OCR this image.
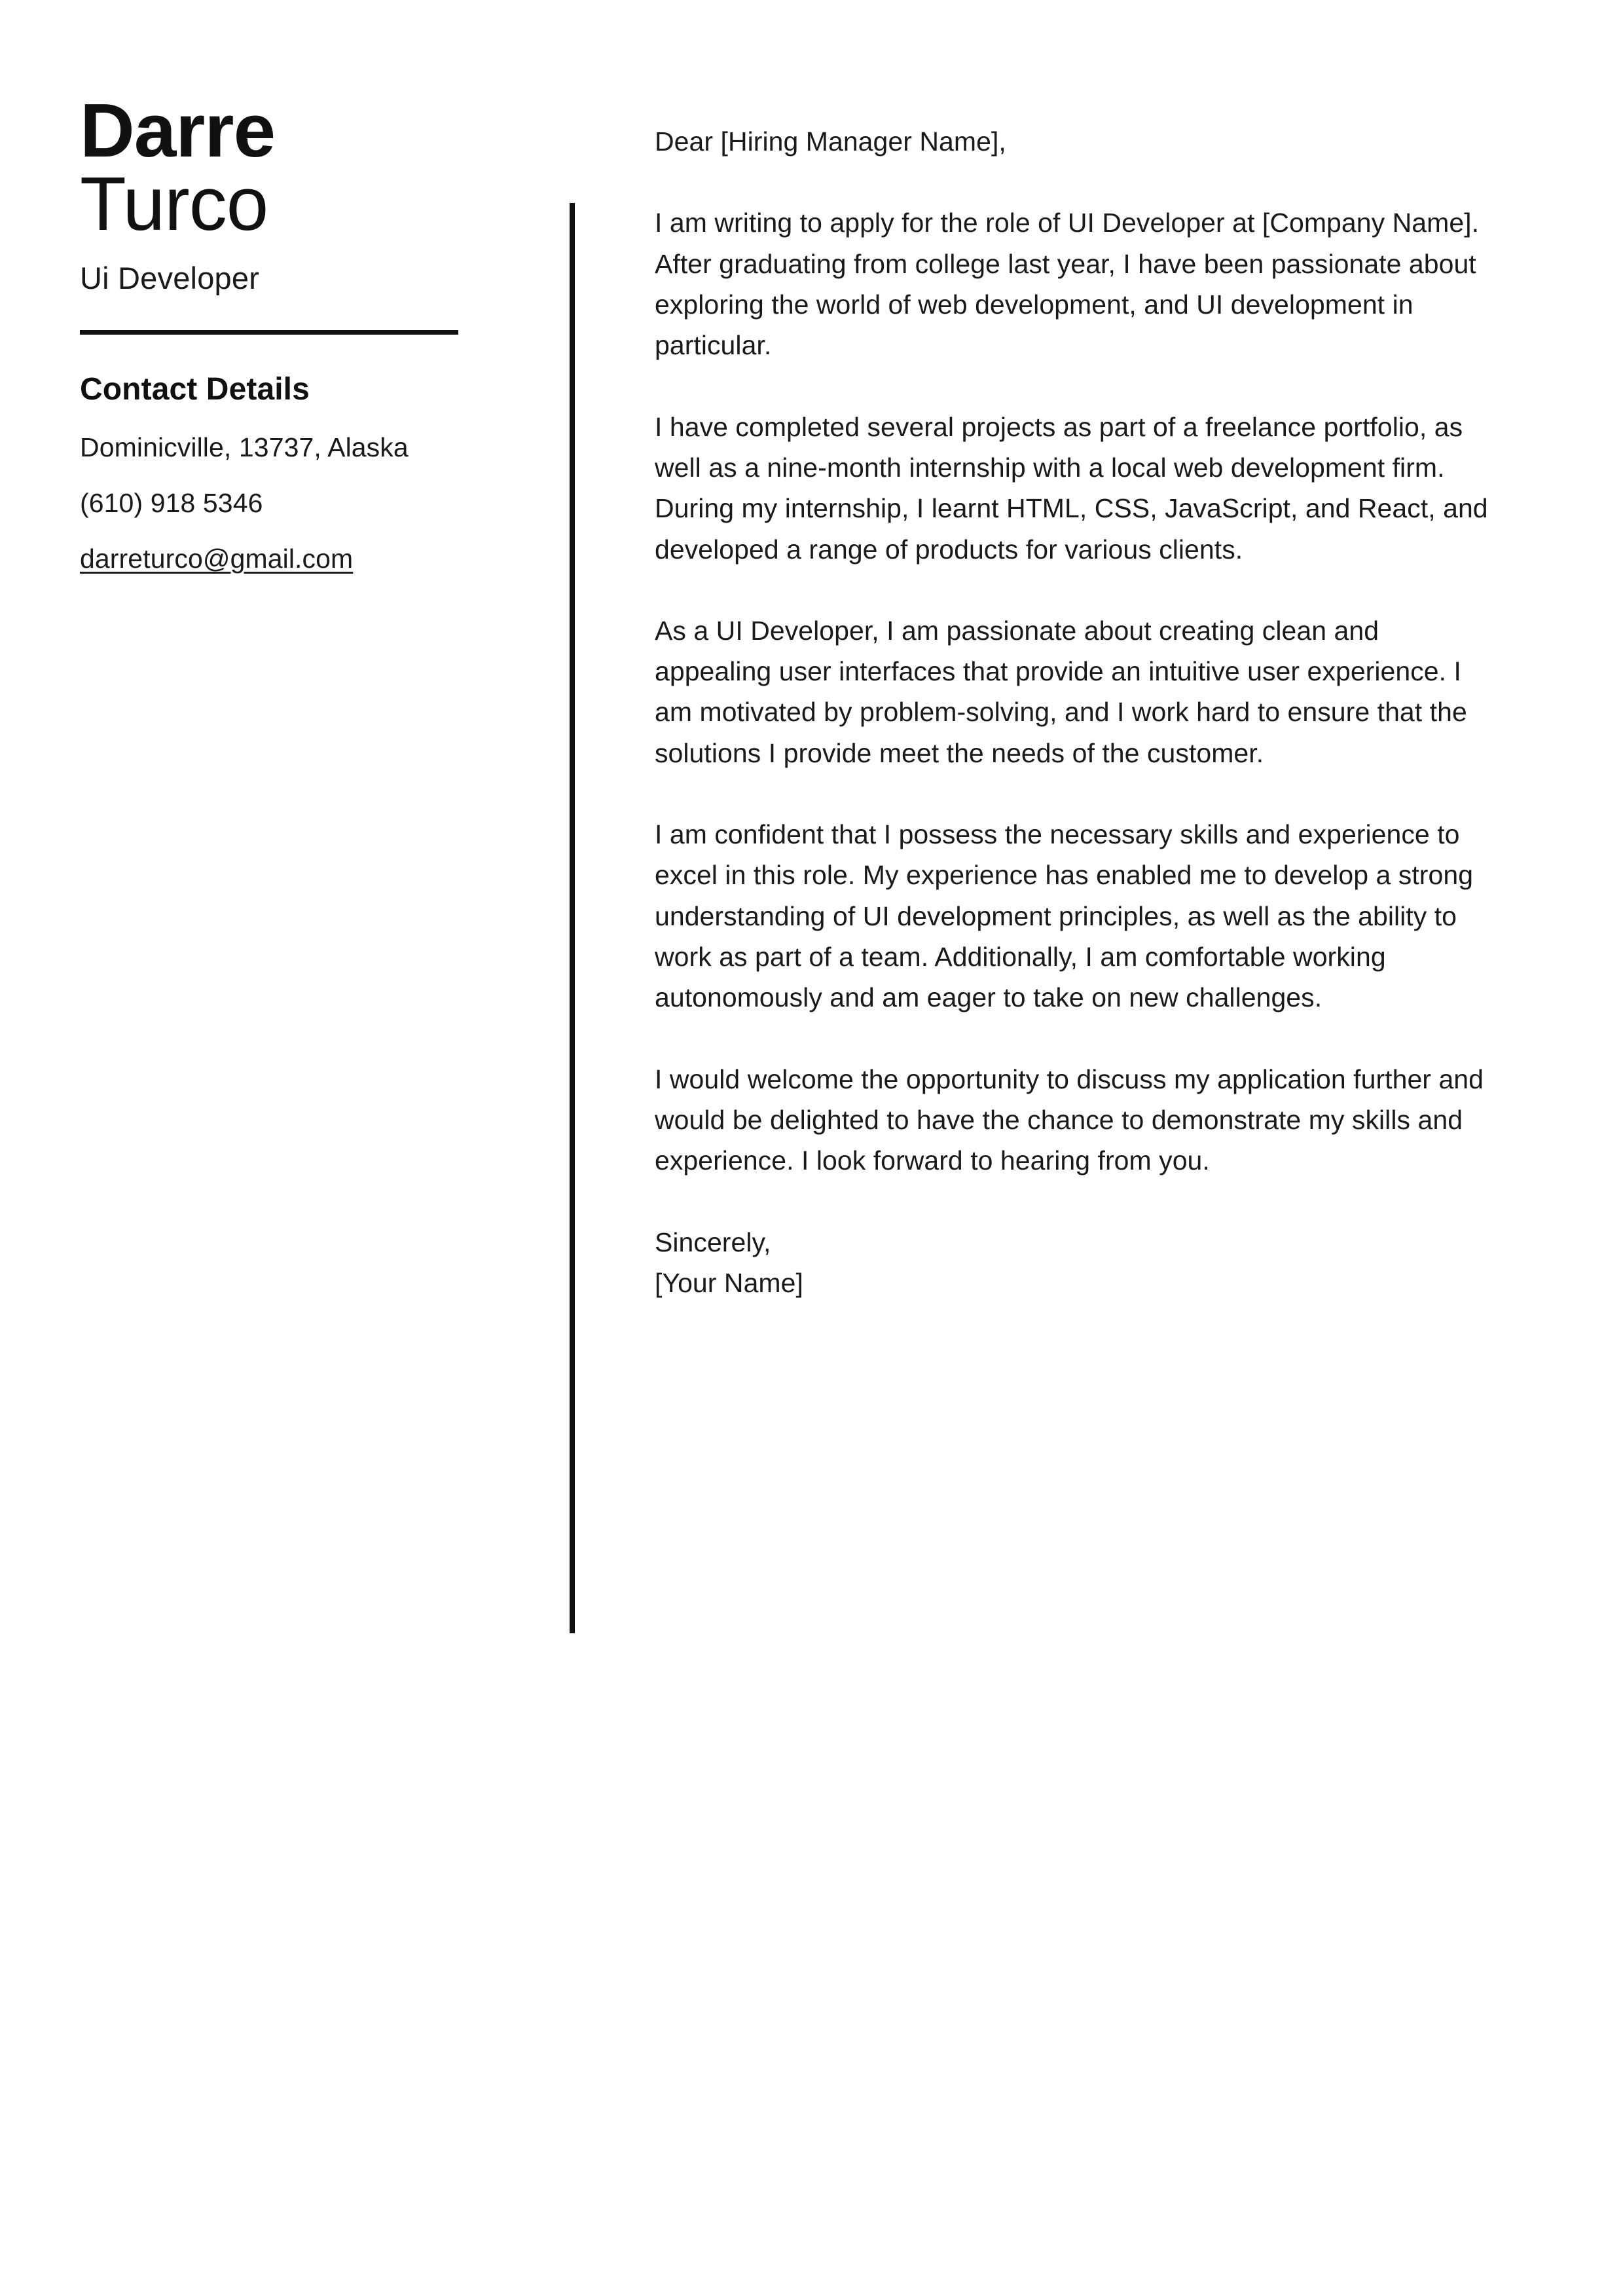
Darre
Turco
Ui Developer
Contact Details
Dominicville, 13737, Alaska
(610) 918 5346
darreturco@gmail.com

Dear [Hiring Manager Name],

I am writing to apply for the role of UI Developer at [Company Name]. After graduating from college last year, I have been passionate about exploring the world of web development, and UI development in particular.

I have completed several projects as part of a freelance portfolio, as well as a nine-month internship with a local web development firm. During my internship, I learnt HTML, CSS, JavaScript, and React, and developed a range of products for various clients.

As a UI Developer, I am passionate about creating clean and appealing user interfaces that provide an intuitive user experience. I am motivated by problem-solving, and I work hard to ensure that the solutions I provide meet the needs of the customer.

I am confident that I possess the necessary skills and experience to excel in this role. My experience has enabled me to develop a strong understanding of UI development principles, as well as the ability to work as part of a team. Additionally, I am comfortable working autonomously and am eager to take on new challenges.

I would welcome the opportunity to discuss my application further and would be delighted to have the chance to demonstrate my skills and experience. I look forward to hearing from you.

Sincerely,
[Your Name]
